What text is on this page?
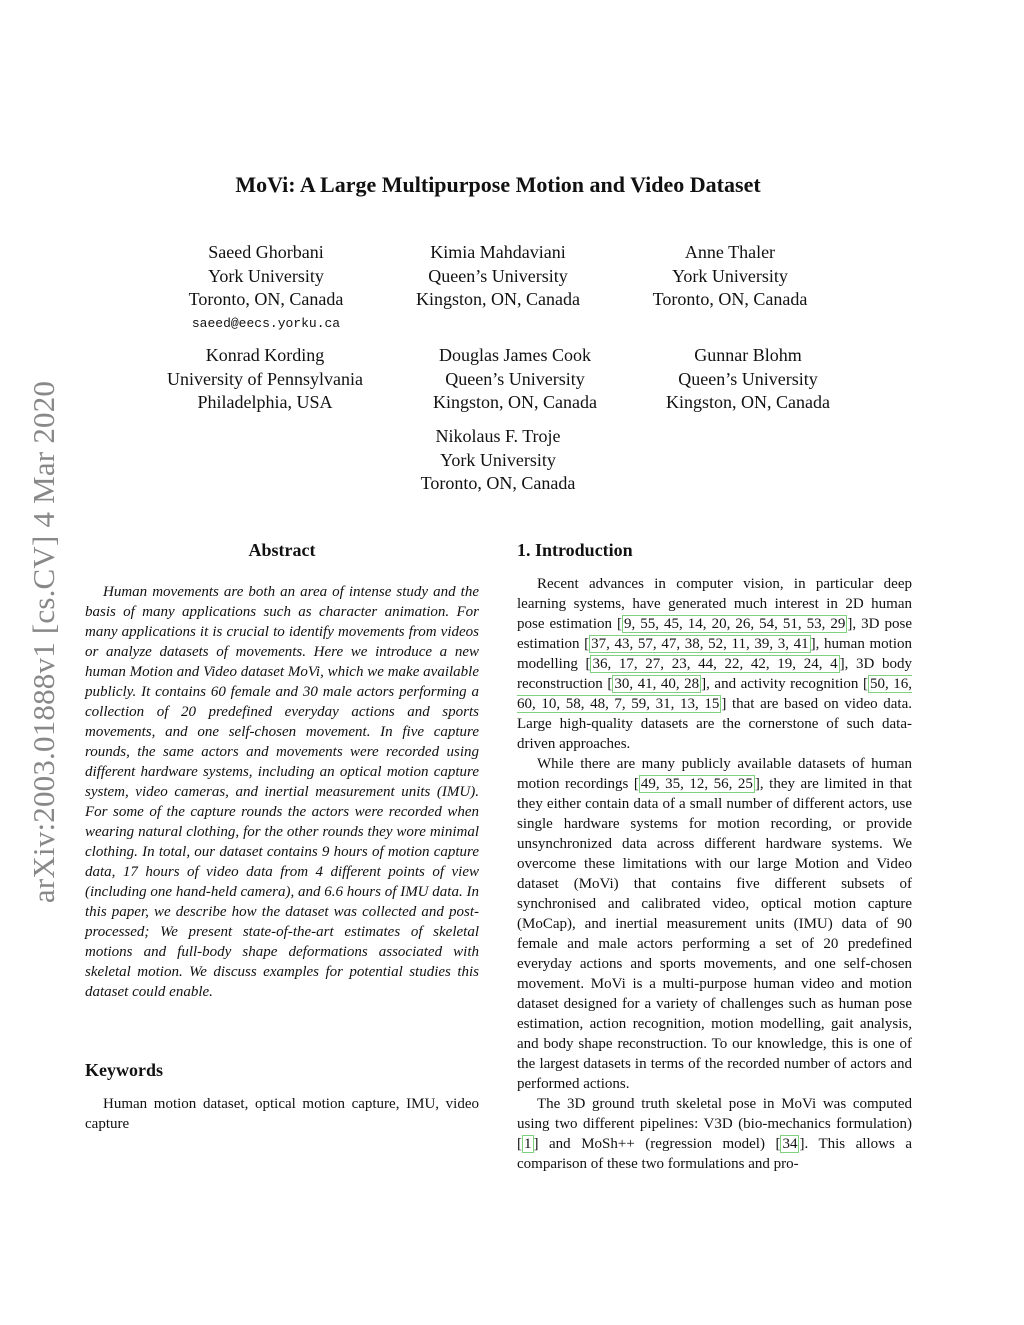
arXiv:2003.01888v1 [cs.CV] 4 Mar 2020
MoVi: A Large Multipurpose Motion and Video Dataset
Saeed Ghorbani
York University
Toronto, ON, Canada
saeed@eecs.yorku.ca
Kimia Mahdaviani
Queen’s University
Kingston, ON, Canada
Anne Thaler
York University
Toronto, ON, Canada
Konrad Kording
University of Pennsylvania
Philadelphia, USA
Douglas James Cook
Queen’s University
Kingston, ON, Canada
Gunnar Blohm
Queen’s University
Kingston, ON, Canada
Nikolaus F. Troje
York University
Toronto, ON, Canada
Abstract
Human movements are both an area of intense study and the basis of many applications such as character animation. For many applications it is crucial to identify movements from videos or analyze datasets of movements. Here we introduce a new human Motion and Video dataset MoVi, which we make available publicly. It contains 60 female and 30 male actors performing a collection of 20 predefined everyday actions and sports movements, and one self-chosen movement. In five capture rounds, the same actors and movements were recorded using different hardware systems, including an optical motion capture system, video cameras, and inertial measurement units (IMU). For some of the capture rounds the actors were recorded when wearing natural clothing, for the other rounds they wore minimal clothing. In total, our dataset contains 9 hours of motion capture data, 17 hours of video data from 4 different points of view (including one hand-held camera), and 6.6 hours of IMU data. In this paper, we describe how the dataset was collected and post-processed; We present state-of-the-art estimates of skeletal motions and full-body shape deformations associated with skeletal motion. We discuss examples for potential studies this dataset could enable.
Keywords
Human motion dataset, optical motion capture, IMU, video capture
1. Introduction

Recent advances in computer vision, in particular deep learning systems, have generated much interest in 2D human pose estimation [ 9, 55, 45, 14, 20, 26, 54, 51, 53, 29 ], 3D pose estimation [ 37, 43, 57, 47, 38, 52, 11, 39, 3, 41 ], human motion modelling [ 36, 17, 27, 23, 44, 22, 42, 19, 24, 4 ], 3D body reconstruction [ 30, 41, 40, 28 ], and activity recognition [ 50, 16, 60, 10, 58, 48, 7, 59, 31, 13, 15 ] that are based on video data. Large high-quality datasets are the cornerstone of such data-driven approaches.

While there are many publicly available datasets of human motion recordings [ 49, 35, 12, 56, 25 ], they are limited in that they either contain data of a small number of different actors, use single hardware systems for motion recording, or provide unsynchronized data across different hardware systems. We overcome these limitations with our large Motion and Video dataset (MoVi) that contains five different subsets of synchronised and calibrated video, optical motion capture (MoCap), and inertial measurement units (IMU) data of 90 female and male actors performing a set of 20 predefined everyday actions and sports movements, and one self-chosen movement. MoVi is a multi-purpose human video and motion dataset designed for a variety of challenges such as human pose estimation, action recognition, motion modelling, gait analysis, and body shape reconstruction. To our knowledge, this is one of the largest datasets in terms of the recorded number of actors and performed actions.

The 3D ground truth skeletal pose in MoVi was computed using two different pipelines: V3D (bio-mechanics formulation) [ 1 ] and MoSh++ (regression model) [ 34 ]. This allows a comparison of these two formulations and pro-
